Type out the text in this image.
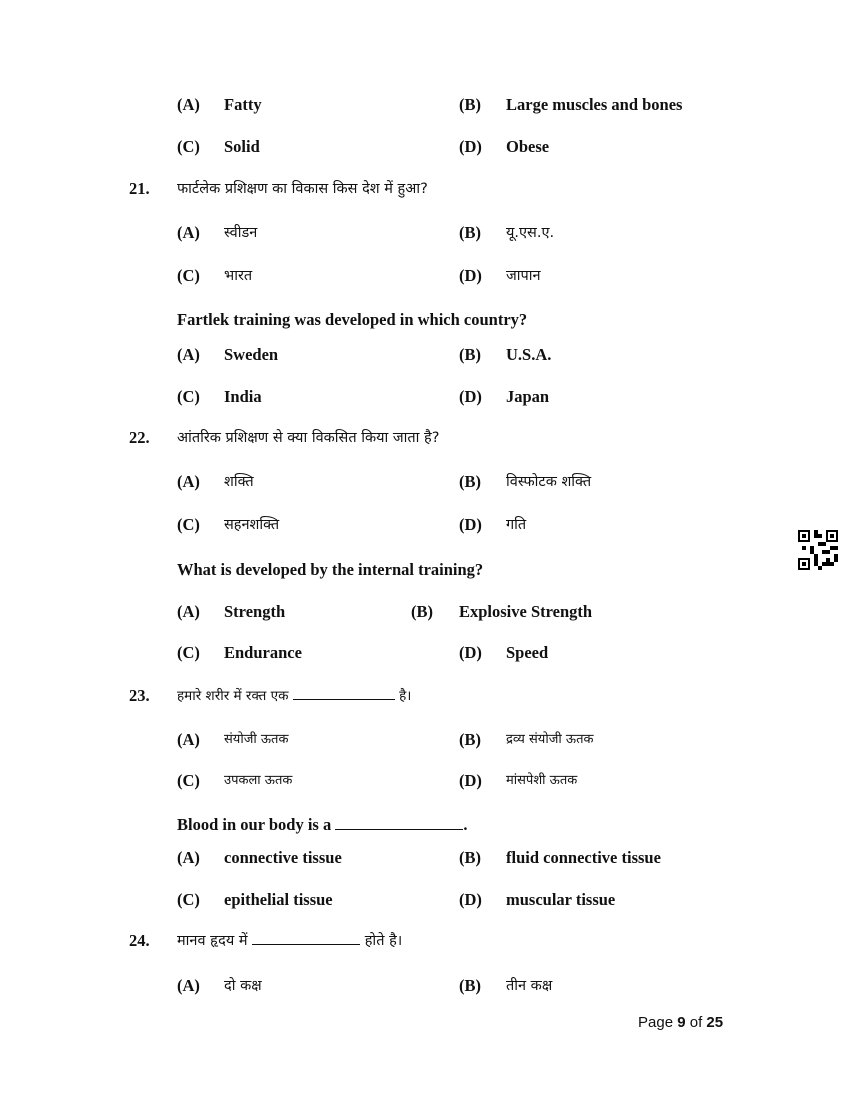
(A) Fatty	(B) Large muscles and bones
(C) Solid	(D) Obese
21. फार्टलेक प्रशिक्षण का विकास किस देश में हुआ?
(A) स्वीडन	(B) यू.एस.ए.
(C) भारत	(D) जापान
Fartlek training was developed in which country?
(A) Sweden	(B) U.S.A.
(C) India	(D) Japan
22. आंतरिक प्रशिक्षण से क्या विकसित किया जाता है?
(A) शक्ति	(B) विस्फोटक शक्ति
(C) सहनशक्ति	(D) गति
What is developed by the internal training?
(A) Strength	(B) Explosive Strength
(C) Endurance	(D) Speed
23. हमारे शरीर में रक्त एक	है।
(A) संयोजी ऊतक	(B) द्रव्य संयोजी ऊतक
(C) उपकला ऊतक	(D) मांसपेशी ऊतक
Blood in our body is a	.
(A) connective tissue	(B) fluid connective tissue
(C) epithelial tissue	(D) muscular tissue
24. मानव हृदय में	होते है।
(A) दो कक्ष	(B) तीन कक्ष
Page 9 of 25
